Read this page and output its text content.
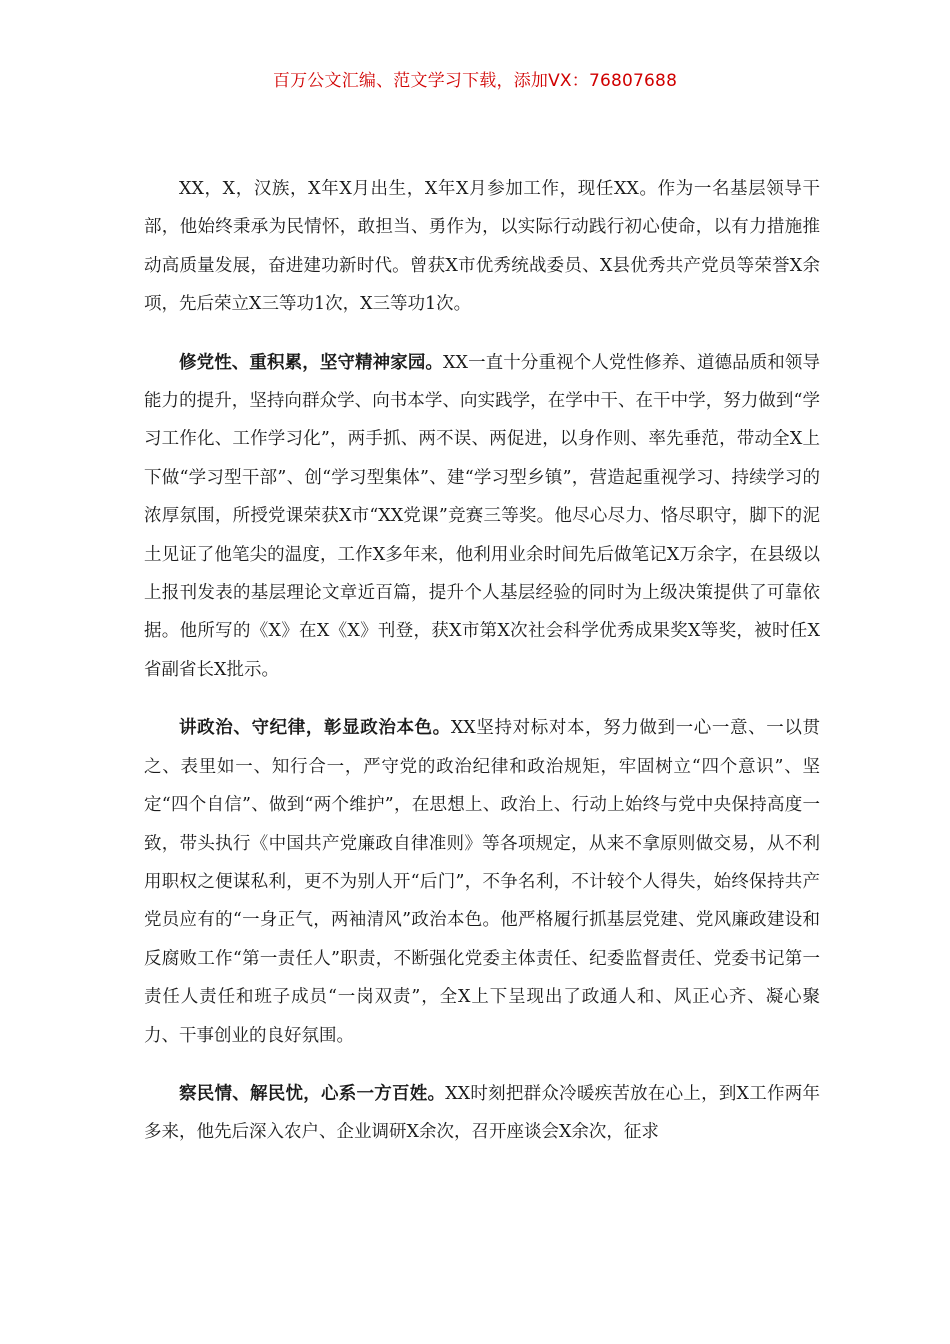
百万公文汇编、范文学习下载，添加VX：76807688

XX，X，汉族，X年X月出生，X年X月参加工作，现任XX。作为一名基层领导干部，他始终秉承为民情怀，敢担当、勇作为，以实际行动践行初心使命，以有力措施推动高质量发展，奋进建功新时代。曾获X市优秀统战委员、X县优秀共产党员等荣誉X余项，先后荣立X三等功1次，X三等功1次。

修党性、重积累，坚守精神家园。XX一直十分重视个人党性修养、道德品质和领导能力的提升，坚持向群众学、向书本学、向实践学，在学中干、在干中学，努力做到“学习工作化、工作学习化”，两手抓、两不误、两促进，以身作则、率先垂范，带动全X上下做“学习型干部”、创“学习型集体”、建“学习型乡镇”，营造起重视学习、持续学习的浓厚氛围，所授党课荣获X市“XX党课”竞赛三等奖。他尽心尽力、恪尽职守，脚下的泥土见证了他笔尖的温度，工作X多年来，他利用业余时间先后做笔记X万余字，在县级以上报刊发表的基层理论文章近百篇，提升个人基层经验的同时为上级决策提供了可靠依据。他所写的《X》在X《X》刊登，获X市第X次社会科学优秀成果奖X等奖，被时任X省副省长X批示。

讲政治、守纪律，彰显政治本色。XX坚持对标对本，努力做到一心一意、一以贯之、表里如一、知行合一，严守党的政治纪律和政治规矩，牢固树立“四个意识”、坚定“四个自信”、做到“两个维护”，在思想上、政治上、行动上始终与党中央保持高度一致，带头执行《中国共产党廉政自律准则》等各项规定，从来不拿原则做交易，从不利用职权之便谋私利，更不为别人开“后门”，不争名利，不计较个人得失，始终保持共产党员应有的“一身正气，两袖清风”政治本色。他严格履行抓基层党建、党风廉政建设和反腐败工作“第一责任人”职责，不断强化党委主体责任、纪委监督责任、党委书记第一责任人责任和班子成员“一岗双责”，全X上下呈现出了政通人和、风正心齐、凝心聚力、干事创业的良好氛围。

察民情、解民忧，心系一方百姓。XX时刻把群众冷暖疾苦放在心上，到X工作两年多来，他先后深入农户、企业调研X余次，召开座谈会X余次，征求
